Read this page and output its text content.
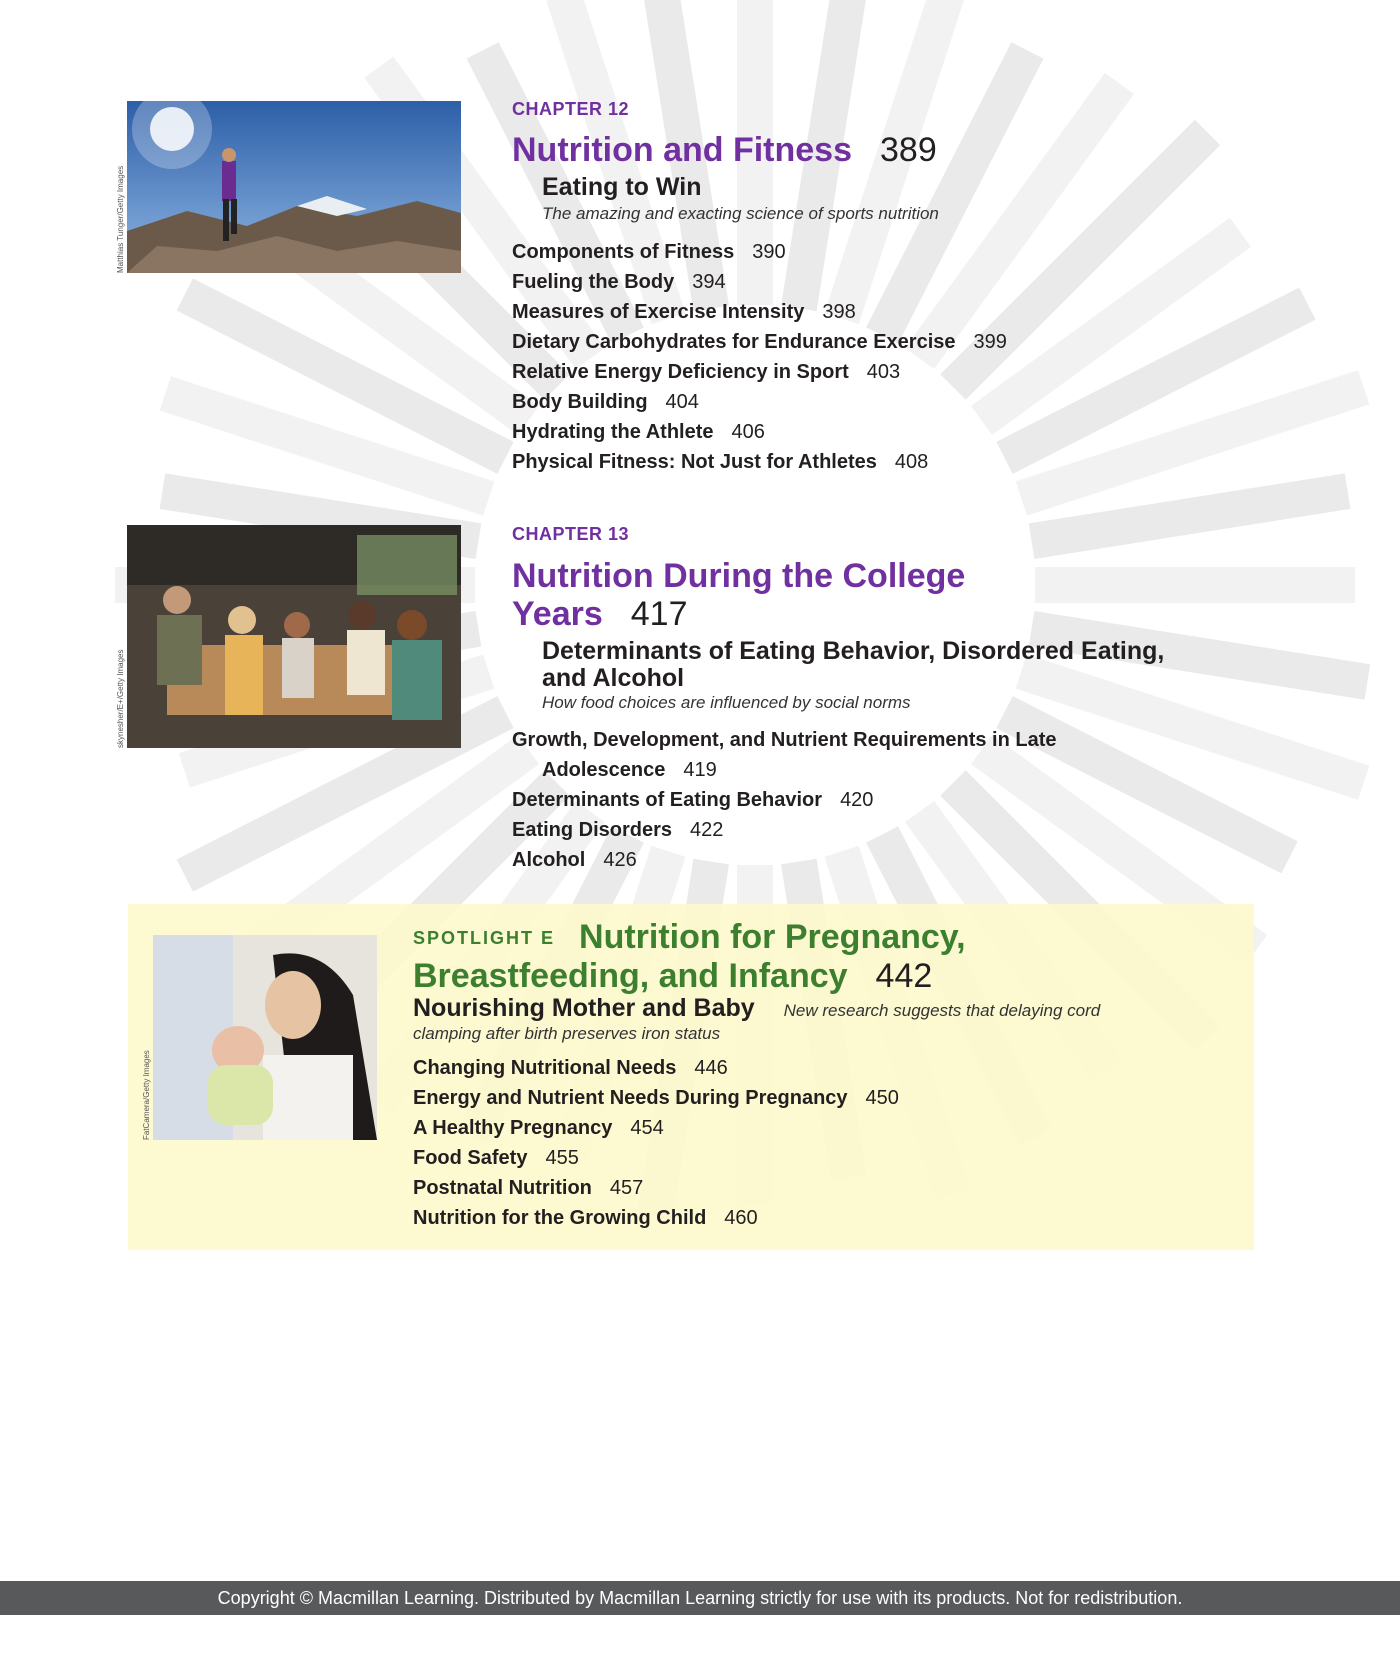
Matthias Tunger/Getty Images
CHAPTER 12
Nutrition and Fitness 389
Eating to Win
The amazing and exacting science of sports nutrition
Components of Fitness 390
Fueling the Body 394
Measures of Exercise Intensity 398
Dietary Carbohydrates for Endurance Exercise 399
Relative Energy Deficiency in Sport 403
Body Building 404
Hydrating the Athlete 406
Physical Fitness: Not Just for Athletes 408
skynesher/E+/Getty Images
CHAPTER 13
Nutrition During the College
Years 417
Determinants of Eating Behavior, Disordered Eating,
and Alcohol
How food choices are influenced by social norms
Growth, Development, and Nutrient Requirements in Late
Adolescence 419
Determinants of Eating Behavior 420
Eating Disorders 422
Alcohol 426
FatCamera/Getty Images
SPOTLIGHT E Nutrition for Pregnancy,
Breastfeeding, and Infancy 442
Nourishing Mother and Baby New research suggests that delaying cord
clamping after birth preserves iron status
Changing Nutritional Needs 446
Energy and Nutrient Needs During Pregnancy 450
A Healthy Pregnancy 454
Food Safety 455
Postnatal Nutrition 457
Nutrition for the Growing Child 460
Copyright © Macmillan Learning. Distributed by Macmillan Learning strictly for use with its products. Not for redistribution.
